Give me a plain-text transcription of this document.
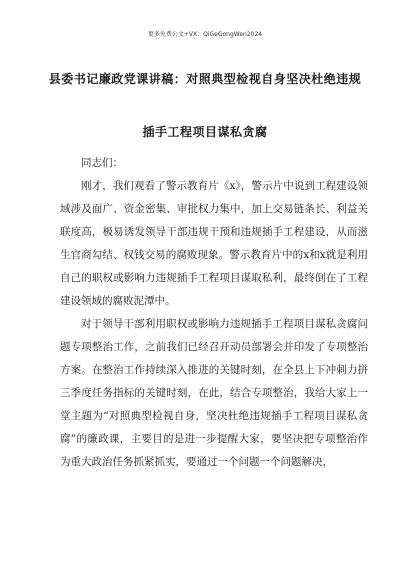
更多免费公文+VX：QiGeGongWen2024
县委书记廉政党课讲稿：对照典型检视自身坚决杜绝违规
插手工程项目谋私贪腐

同志们：

刚才，我们观看了警示教育片《x》，警示片中说到工程建设领域涉及面广、资金密集、审批权力集中，加上交易链条长、利益关联度高，极易诱发领导干部违规干预和违规插手工程建设，从而滋生官商勾结、权钱交易的腐败现象。警示教育片中的x和x就是利用自己的职权或影响力违规插手工程项目谋取私利，最终倒在了工程建设领域的腐败泥潭中。

对于领导干部利用职权或影响力违规插手工程项目谋私贪腐问题专项整治工作，之前我们已经召开动员部署会并印发了专项整治方案。在整治工作持续深入推进的关键时刻，在全县上下冲刺力拼三季度任务指标的关键时刻，在此，结合专项整治，我给大家上一堂主题为“对照典型检视自身，坚决杜绝违规插手工程项目谋私贪腐”的廉政课，主要目的是进一步提醒大家，要坚决把专项整治作为重大政治任务抓紧抓实，要通过一个问题一个问题解决，
